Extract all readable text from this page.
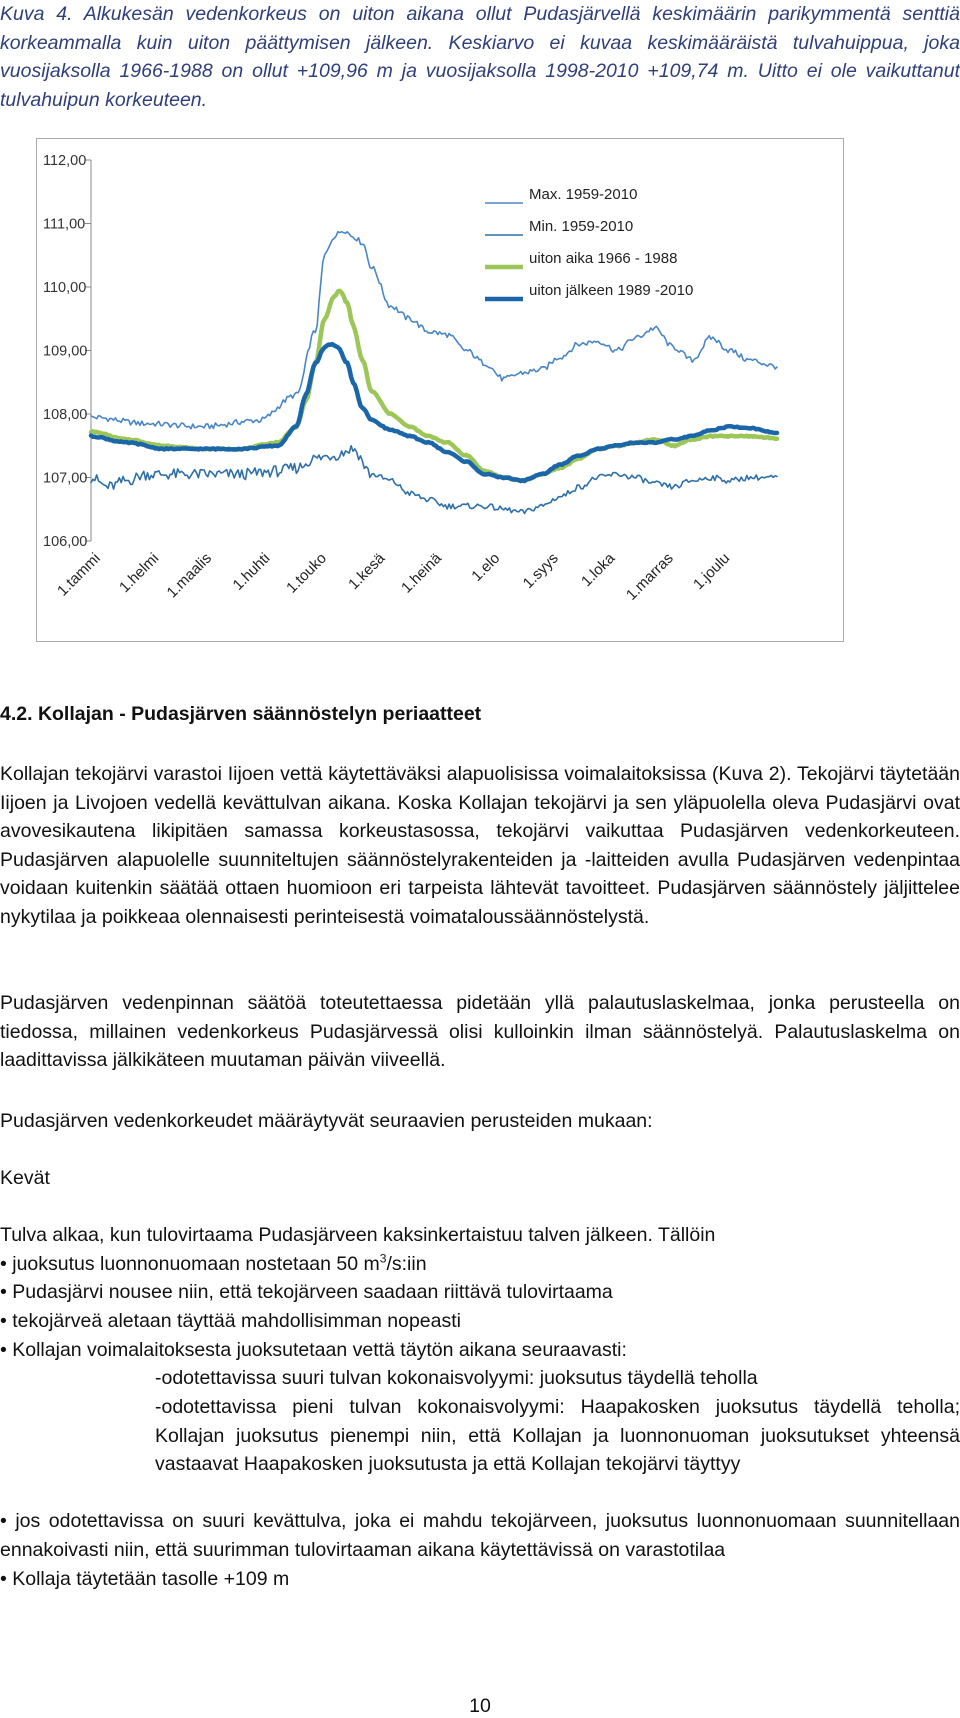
Kuva 4. Alkukesän vedenkorkeus on uiton aikana ollut Pudasjärvellä keskimäärin parikymmentä senttiä korkeammalla kuin uiton päättymisen jälkeen. Keskiarvo ei kuvaa keskimääräistä tulvahuippua, joka vuosijaksolla 1966-1988 on ollut +109,96 m ja vuosijaksolla 1998-2010 +109,74 m. Uitto ei ole vaikuttanut tulvahuipun korkeuteen.

112,00
111,00
110,00
109,00
108,00
107,00
106,00
1.tammi 1.helmi 1.maalis 1.huhti 1.touko 1.kesä 1.heinä 1.elo 1.syys 1.loka 1.marras 1.joulu
Max. 1959-2010
Min. 1959-2010
uiton aika 1966 - 1988
uiton jälkeen 1989 -2010

4.2. Kollajan - Pudasjärven säännöstelyn periaatteet

Kollajan tekojärvi varastoi Iijoen vettä käytettäväksi alapuolisissa voimalaitoksissa (Kuva 2). Tekojärvi täytetään Iijoen ja Livojoen vedellä kevättulvan aikana. Koska Kollajan tekojärvi ja sen yläpuolella oleva Pudasjärvi ovat avovesikautena likipitäen samassa korkeustasossa, tekojärvi vaikuttaa Pudasjärven vedenkorkeuteen. Pudasjärven alapuolelle suunniteltujen säännöstelyrakenteiden ja -laitteiden avulla Pudasjärven vedenpintaa voidaan kuitenkin säätää ottaen huomioon eri tarpeista lähtevät tavoitteet. Pudasjärven säännöstely jäljittelee nykytilaa ja poikkeaa olennaisesti perinteisestä voimataloussäännöstelystä.

Pudasjärven vedenpinnan säätöä toteutettaessa pidetään yllä palautuslaskelmaa, jonka perusteella on tiedossa, millainen vedenkorkeus Pudasjärvessä olisi kulloinkin ilman säännöstelyä. Palautuslaskelma on laadittavissa jälkikäteen muutaman päivän viiveellä.

Pudasjärven vedenkorkeudet määräytyvät seuraavien perusteiden mukaan:

Kevät

Tulva alkaa, kun tulovirtaama Pudasjärveen kaksinkertaistuu talven jälkeen. Tällöin

• juoksutus luonnonuomaan nostetaan 50 $m^3/s:iin$

• Pudasjärvi nousee niin, että tekojärveen saadaan riittävä tulovirtaama

• tekojärveä aletaan täyttää mahdollisimman nopeasti

• Kollajan voimalaitoksesta juoksutetaan vettä täytön aikana seuraavasti:

-odotettavissa suuri tulvan kokonaisvolyymi: juoksutus täydellä teholla

-odotettavissa pieni tulvan kokonaisvolyymi: Haapakosken juoksutus täydellä teholla; Kollajan juoksutus pienempi niin, että Kollajan ja luonnonuoman juoksutukset yhteensä vastaavat Haapakosken juoksutusta ja että Kollajan tekojärvi täyttyy

• jos odotettavissa on suuri kevättulva, joka ei mahdu tekojärveen, juoksutus luonnonuomaan suunnitellaan ennakoivasti niin, että suurimman tulovirtaaman aikana käytettävissä on varastotilaa

• Kollaja täytetään tasolle +109 m

10
